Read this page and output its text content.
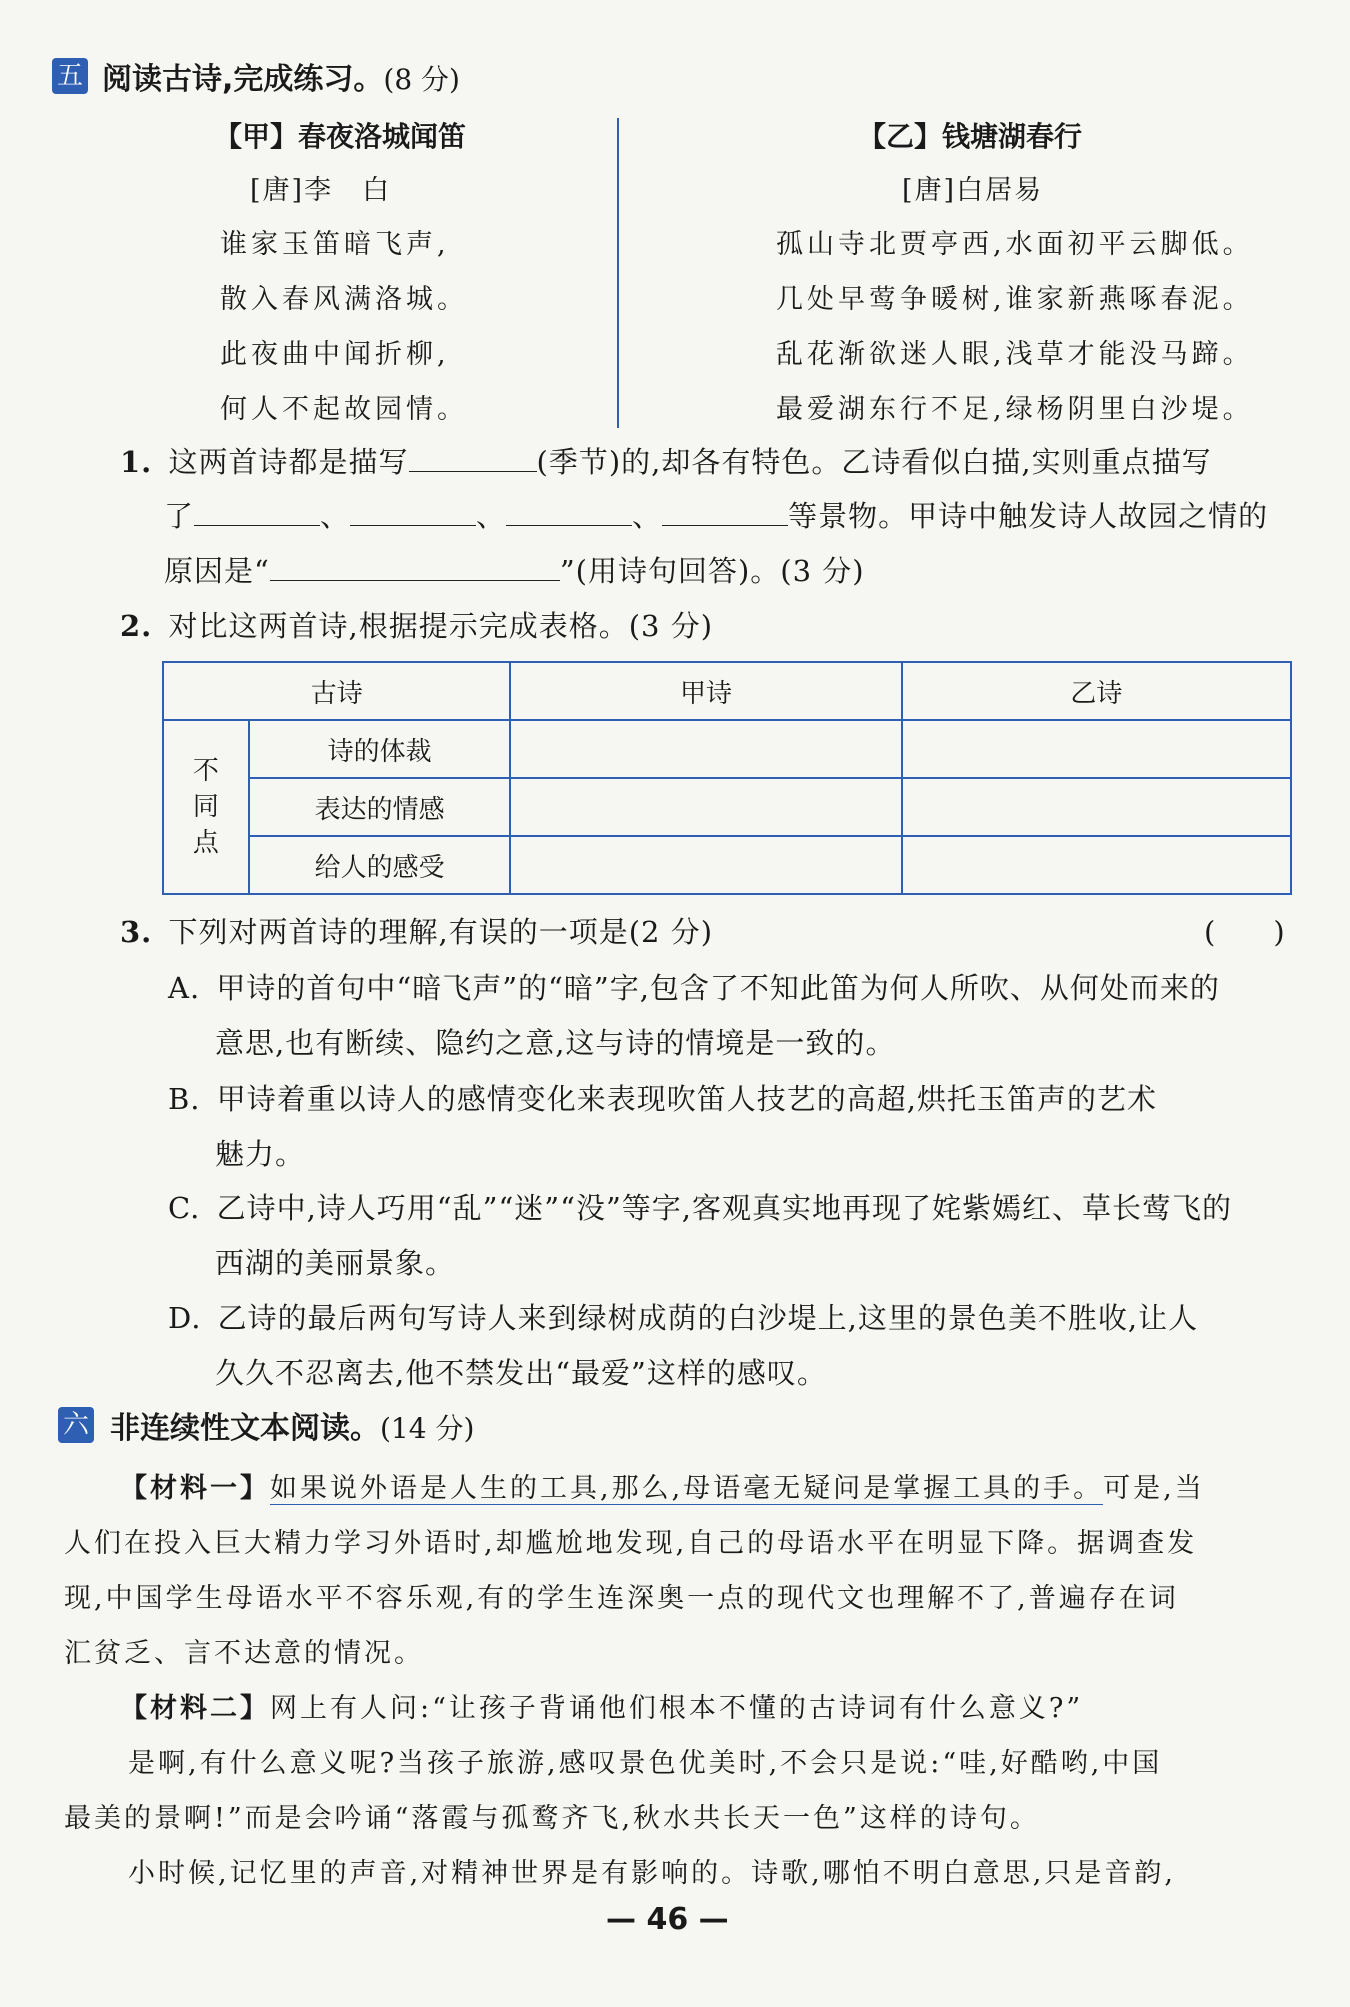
五 阅读古诗,完成练习。(8 分)
【甲】春夜洛城闻笛
[唐]李　白
谁家玉笛暗飞声,
散入春风满洛城。
此夜曲中闻折柳,
何人不起故园情。
【乙】钱塘湖春行
[唐]白居易
孤山寺北贾亭西,水面初平云脚低。
几处早莺争暖树,谁家新燕啄春泥。
乱花渐欲迷人眼,浅草才能没马蹄。
最爱湖东行不足,绿杨阴里白沙堤。
1. 这两首诗都是描写	(季节)的,却各有特色。乙诗看似白描,实则重点描写
了	、	、	、	等景物。甲诗中触发诗人故园之情的
原因是“	”(用诗句回答)。(3 分)
2. 对比这两首诗,根据提示完成表格。(3 分)
古诗		甲诗	乙诗
不同点	诗的体裁		
	表达的情感		
	给人的感受		
3. 下列对两首诗的理解,有误的一项是(2 分)	(　　)
A. 甲诗的首句中“暗飞声”的“暗”字,包含了不知此笛为何人所吹、从何处而来的
意思,也有断续、隐约之意,这与诗的情境是一致的。
B. 甲诗着重以诗人的感情变化来表现吹笛人技艺的高超,烘托玉笛声的艺术
魅力。
C. 乙诗中,诗人巧用“乱”“迷”“没”等字,客观真实地再现了姹紫嫣红、草长莺飞的
西湖的美丽景象。
D. 乙诗的最后两句写诗人来到绿树成荫的白沙堤上,这里的景色美不胜收,让人
久久不忍离去,他不禁发出“最爱”这样的感叹。
六 非连续性文本阅读。(14 分)
【材料一】如果说外语是人生的工具,那么,母语毫无疑问是掌握工具的手。可是,当
人们在投入巨大精力学习外语时,却尴尬地发现,自己的母语水平在明显下降。据调查发
现,中国学生母语水平不容乐观,有的学生连深奥一点的现代文也理解不了,普遍存在词
汇贫乏、言不达意的情况。
【材料二】网上有人问:“让孩子背诵他们根本不懂的古诗词有什么意义?”
是啊,有什么意义呢?当孩子旅游,感叹景色优美时,不会只是说:“哇,好酷哟,中国
最美的景啊!”而是会吟诵“落霞与孤鹜齐飞,秋水共长天一色”这样的诗句。
小时候,记忆里的声音,对精神世界是有影响的。诗歌,哪怕不明白意思,只是音韵,
— 46 —
